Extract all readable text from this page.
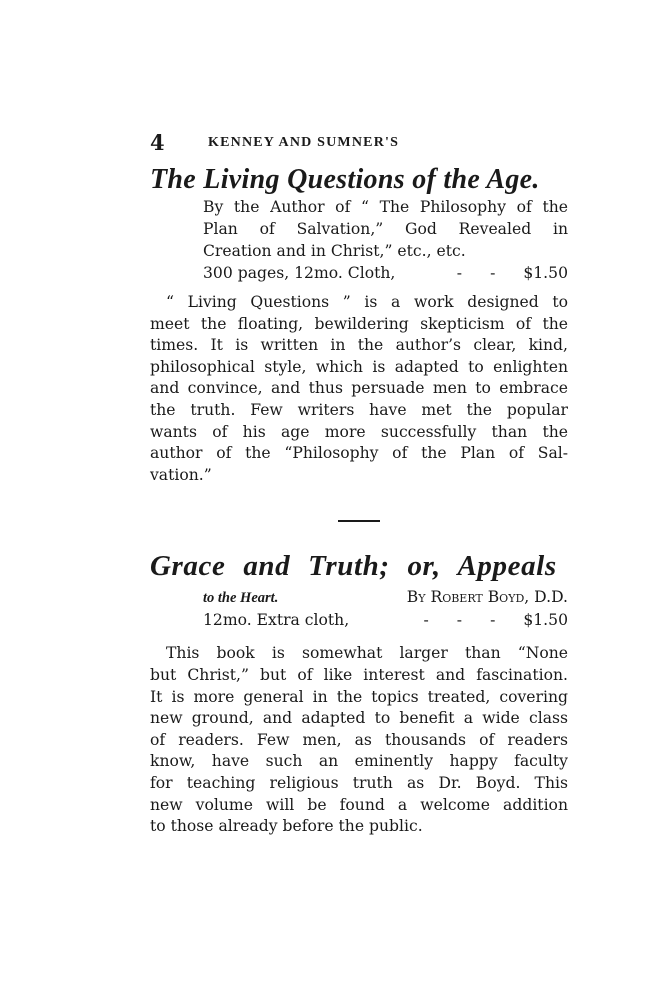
4	KENNEY AND SUMNER'S
The Living Questions of the Age.
By the Author of “ The Philosophy of the
Plan of Salvation,” God Revealed in
Creation and in Christ,” etc., etc.
300 pages, 12mo. Cloth,	- - $1.50
“ Living Questions ” is a work designed to
meet the floating, bewildering skepticism of the
times. It is written in the author’s clear, kind,
philosophical style, which is adapted to enlighten
and convince, and thus persuade men to embrace
the truth. Few writers have met the popular
wants of his age more successfully than the
author of the “Philosophy of the Plan of Sal-
vation.”
Grace and Truth; or, Appeals
to the Heart.	By Robert Boyd, D.D.
12mo. Extra cloth,	- - - $1.50
This book is somewhat larger than “None
but Christ,” but of like interest and fascination.
It is more general in the topics treated, covering
new ground, and adapted to benefit a wide class
of readers. Few men, as thousands of readers
know, have such an eminently happy faculty
for teaching religious truth as Dr. Boyd. This
new volume will be found a welcome addition
to those already before the public.
